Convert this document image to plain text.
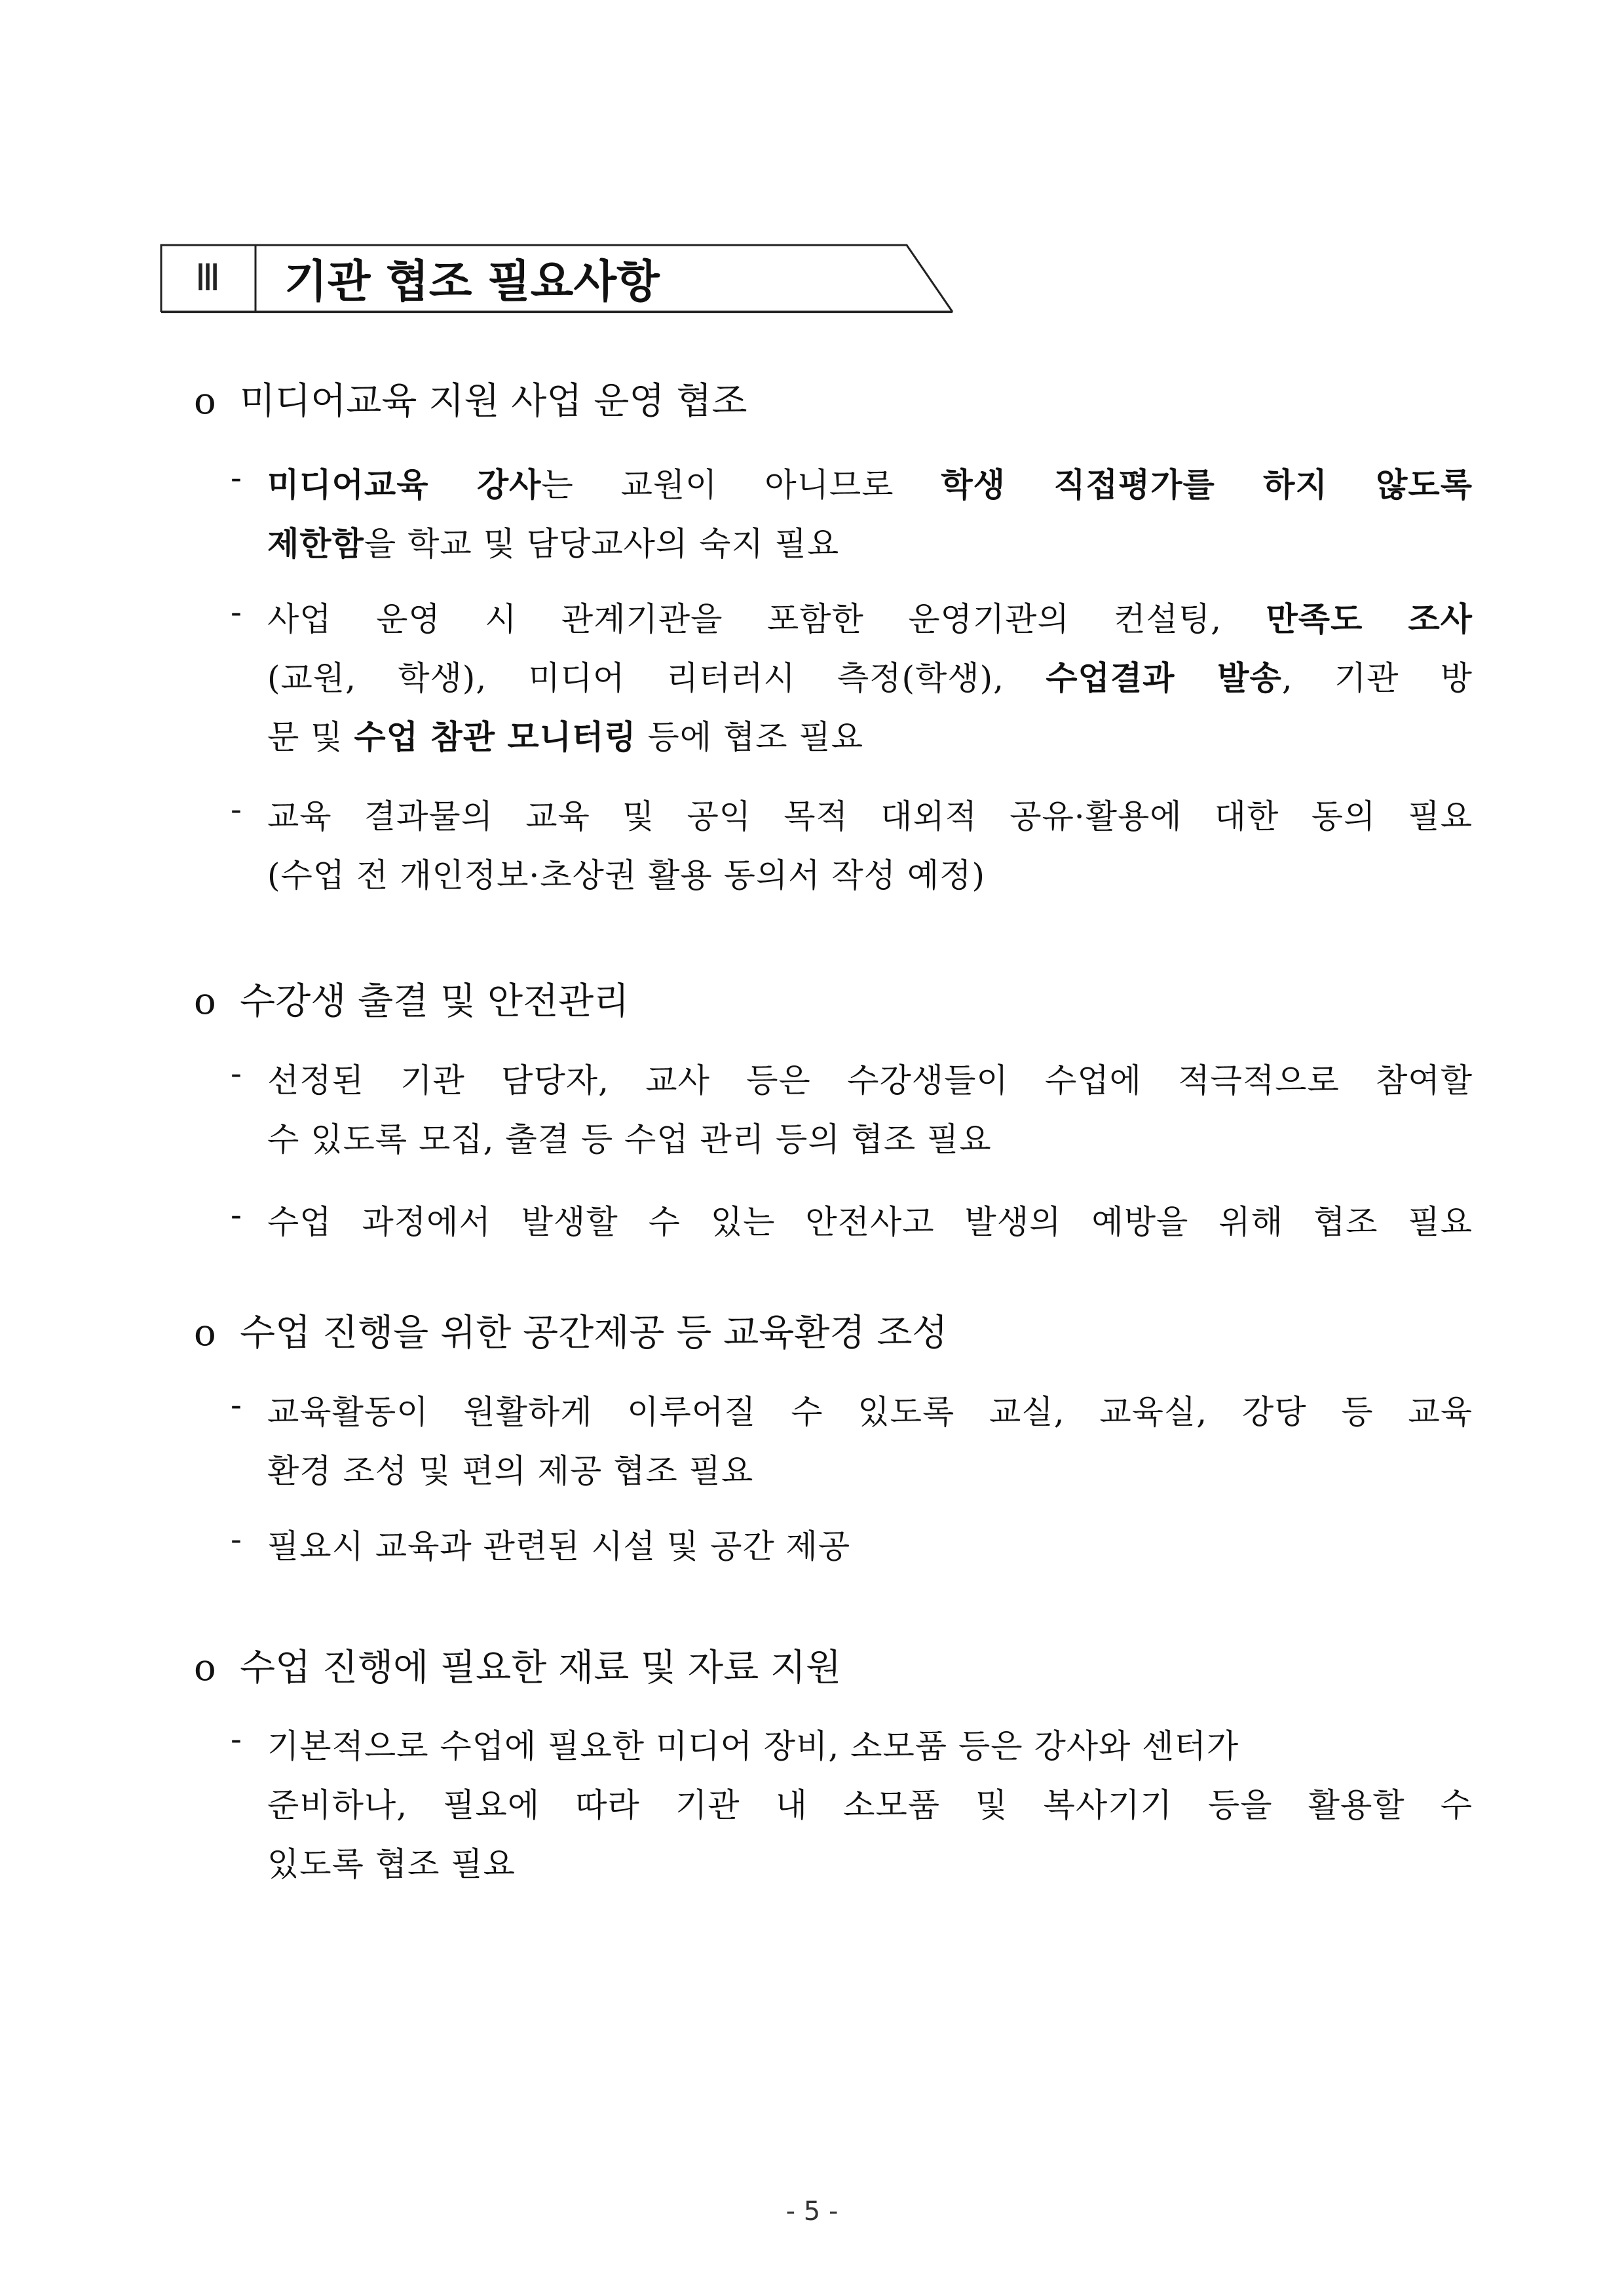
Ⅲ	기관 협조 필요사항
o 미디어교육 지원 사업 운영 협조
- 미디어교육 강사는 교원이 아니므로 학생 직접평가를 하지 않도록
제한함을 학교 및 담당교사의 숙지 필요
- 사업 운영 시 관계기관을 포함한 운영기관의 컨설팅, 만족도 조사
(교원, 학생), 미디어 리터러시 측정(학생), 수업결과 발송, 기관 방
문 및 수업 참관 모니터링 등에 협조 필요
- 교육 결과물의 교육 및 공익 목적 대외적 공유·활용에 대한 동의 필요
(수업 전 개인정보·초상권 활용 동의서 작성 예정)
o 수강생 출결 및 안전관리
- 선정된 기관 담당자, 교사 등은 수강생들이 수업에 적극적으로 참여할
수 있도록 모집, 출결 등 수업 관리 등의 협조 필요
- 수업 과정에서 발생할 수 있는 안전사고 발생의 예방을 위해 협조 필요
o 수업 진행을 위한 공간제공 등 교육환경 조성
- 교육활동이 원활하게 이루어질 수 있도록 교실, 교육실, 강당 등 교육
환경 조성 및 편의 제공 협조 필요
- 필요시 교육과 관련된 시설 및 공간 제공
o 수업 진행에 필요한 재료 및 자료 지원
- 기본적으로 수업에 필요한 미디어 장비, 소모품 등은 강사와 센터가
준비하나, 필요에 따라 기관 내 소모품 및 복사기기 등을 활용할 수
있도록 협조 필요
- 5 -
